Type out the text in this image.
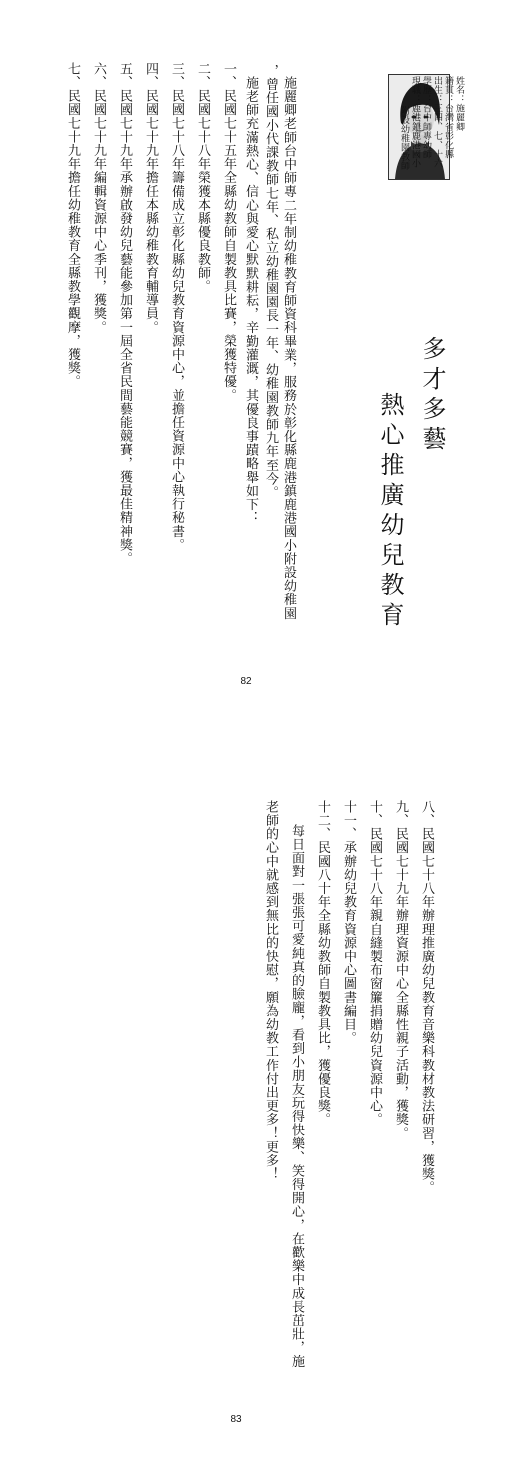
姓名：施麗卿
籍貫：台灣省彰化縣
出生：三四、七、十六
學歷：台中師專幼師
現職：鹿港鎮鹿港國小
附設幼稚園教師
多才多藝
熱心推廣幼兒教育
施麗卿老師台中師專二年制幼稚教育師資科畢業，服務於彰化縣鹿港鎮鹿港國小附設幼稚園
，曾任國小代課教師七年、私立幼稚園園長一年、幼稚園教師九年至今。
施老師充滿熱心、信心與愛心默默耕耘，辛勤灌溉，其優良事蹟略舉如下：
一、民國七十五年全縣幼教師自製教具比賽，榮獲特優。
二、民國七十八年榮獲本縣優良教師。
三、民國七十八年籌備成立彰化縣幼兒教育資源中心，並擔任資源中心執行秘書。
四、民國七十九年擔任本縣幼稚教育輔導員。
五、民國七十九年承辦啟發幼兒藝能參加第一屆全省民間藝能競賽，獲最佳精神獎。
六、民國七十九年編輯資源中心季刊，獲獎。
七、民國七十九年擔任幼稚教育全縣教學觀摩，獲獎。
82
八、民國七十八年辦理推廣幼兒教育音樂科教材教法研習，獲獎。
九、民國七十九年辦理資源中心全縣性親子活動，獲獎。
十、民國七十八年親自縫製布窗簾捐贈幼兒資源中心。
十一、承辦幼兒教育資源中心圖書編目。
十二、民國八十年全縣幼教師自製教具比，獲優良獎。
每日面對一張張可愛純真的臉龐，看到小朋友玩得快樂、笑得開心，在歡樂中成長茁壯，施
老師的心中就感到無比的快慰，願為幼教工作付出更多！更多！
83
